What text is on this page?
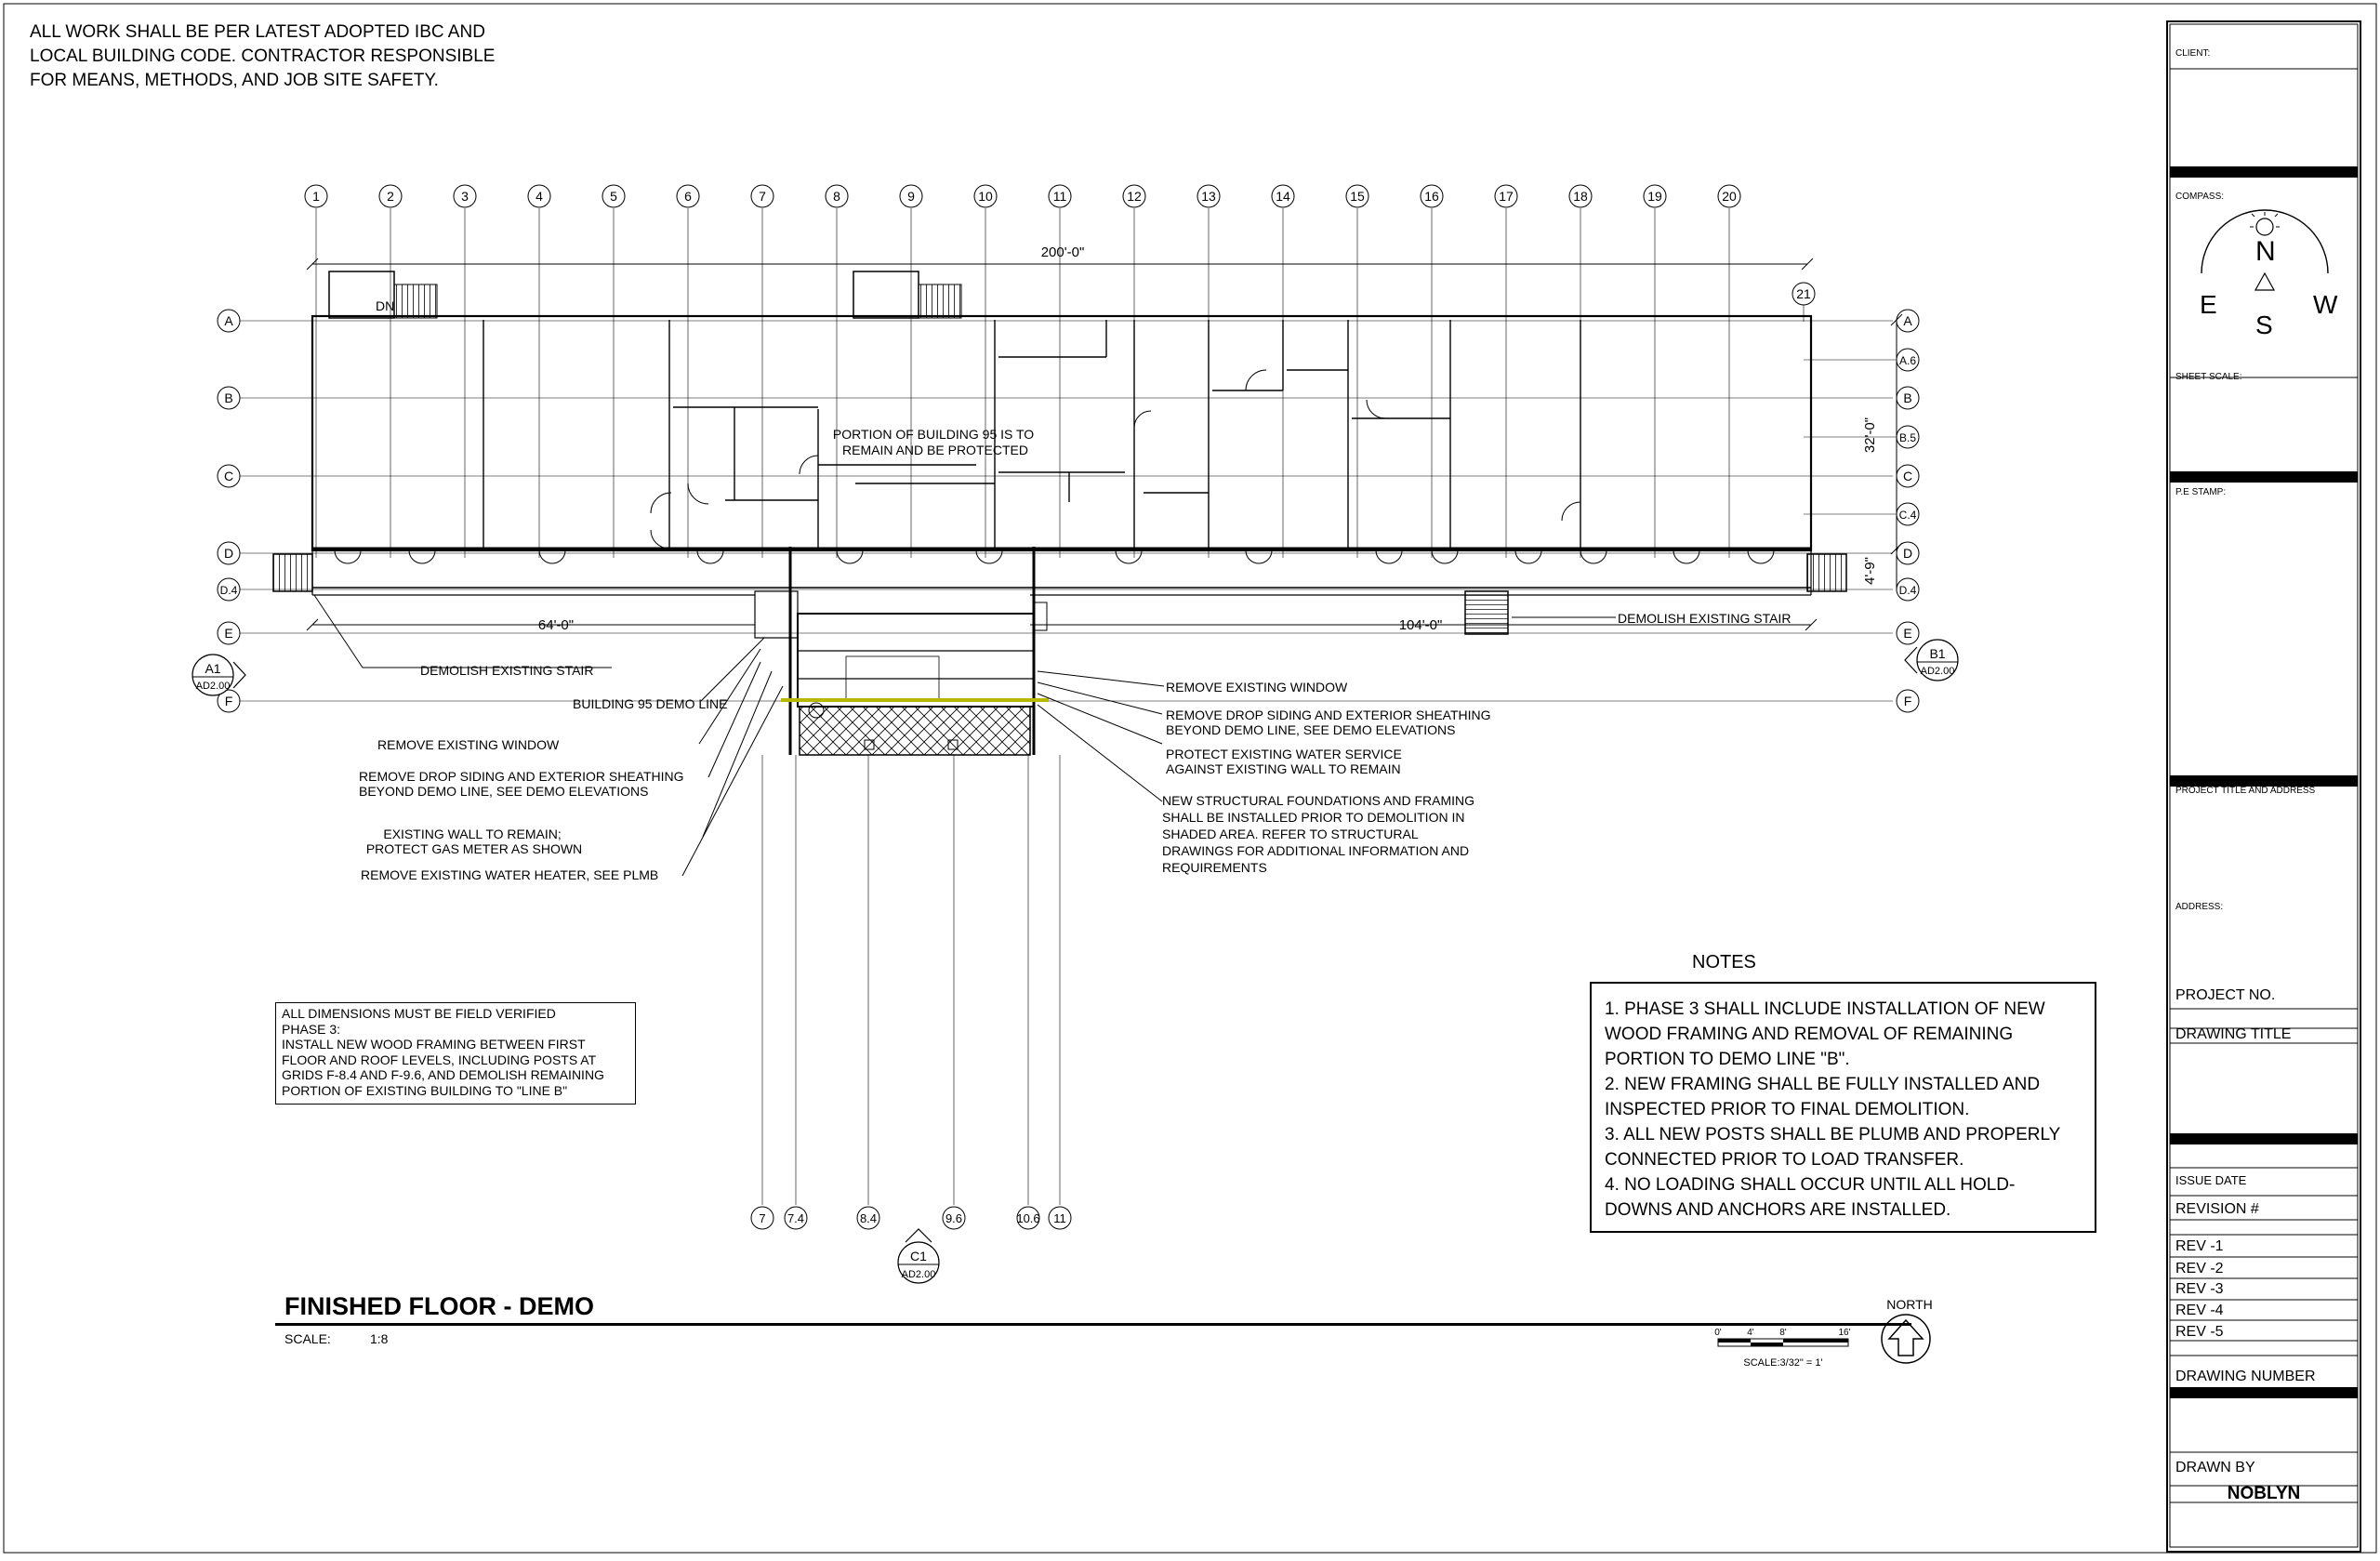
1	2	3	4	5	6	7	8	9	10	11	12	13	14	15	16	17	18	19	20
21
7 7.4	8.4	9.6	10.6 11
A
B
C
D
D.4
E
F
A
A.6
B
B.5
C
C.4
D
D.4
E
F
DN
200'-0"
64'-0"	104'-0"
32'-0"
4'-9"
PORTION OF BUILDING 95 IS TO REMAIN AND BE PROTECTED
A1
AD2.00
B1
AD2.00
C1
AD2.00
DEMOLISH EXISTING STAIR
BUILDING 95 DEMO LINE
REMOVE EXISTING WINDOW
REMOVE DROP SIDING AND EXTERIOR SHEATHING BEYOND DEMO LINE, SEE DEMO ELEVATIONS
EXISTING WALL TO REMAIN; PROTECT GAS METER AS SHOWN
REMOVE EXISTING WATER HEATER, SEE PLMB
DEMOLISH EXISTING STAIR
REMOVE EXISTING WINDOW
REMOVE DROP SIDING AND EXTERIOR SHEATHING BEYOND DEMO LINE, SEE DEMO ELEVATIONS
PROTECT EXISTING WATER SERVICE AGAINST EXISTING WALL TO REMAIN
NEW STRUCTURAL FOUNDATIONS AND FRAMING SHALL BE INSTALLED PRIOR TO DEMOLITION IN SHADED AREA. REFER TO STRUCTURAL DRAWINGS FOR ADDITIONAL INFORMATION AND REQUIREMENTS
0'	4'	8'	16'
SCALE:3/32" = 1'
NORTH
ALL WORK SHALL BE PER LATEST ADOPTED IBC AND
LOCAL BUILDING CODE. CONTRACTOR RESPONSIBLE
FOR MEANS, METHODS, AND JOB SITE SAFETY.
ALL DIMENSIONS MUST BE FIELD VERIFIED
PHASE 3:
INSTALL NEW WOOD FRAMING BETWEEN FIRST
FLOOR AND ROOF LEVELS, INCLUDING POSTS AT
GRIDS F-8.4 AND F-9.6, AND DEMOLISH REMAINING
PORTION OF EXISTING BUILDING TO "LINE B"
NOTES
1. PHASE 3 SHALL INCLUDE INSTALLATION OF NEW WOOD FRAMING AND REMOVAL OF REMAINING PORTION TO DEMO LINE "B".
2. NEW FRAMING SHALL BE FULLY INSTALLED AND INSPECTED PRIOR TO FINAL DEMOLITION.
3. ALL NEW POSTS SHALL BE PLUMB AND PROPERLY CONNECTED PRIOR TO LOAD TRANSFER.
4. NO LOADING SHALL OCCUR UNTIL ALL HOLD-DOWNS AND ANCHORS ARE INSTALLED.
FINISHED FLOOR - DEMO
SCALE:	1:8
CLIENT:
COMPASS:
N
E
S
W
SHEET SCALE:
P.E STAMP:
PROJECT TITLE AND ADDRESS
ADDRESS:
PROJECT NO.
DRAWING TITLE
ISSUE DATE
REVISION #
REV -1
REV -2
REV -3
REV -4
REV -5
DRAWING NUMBER
DRAWN BY
NOBLYN
